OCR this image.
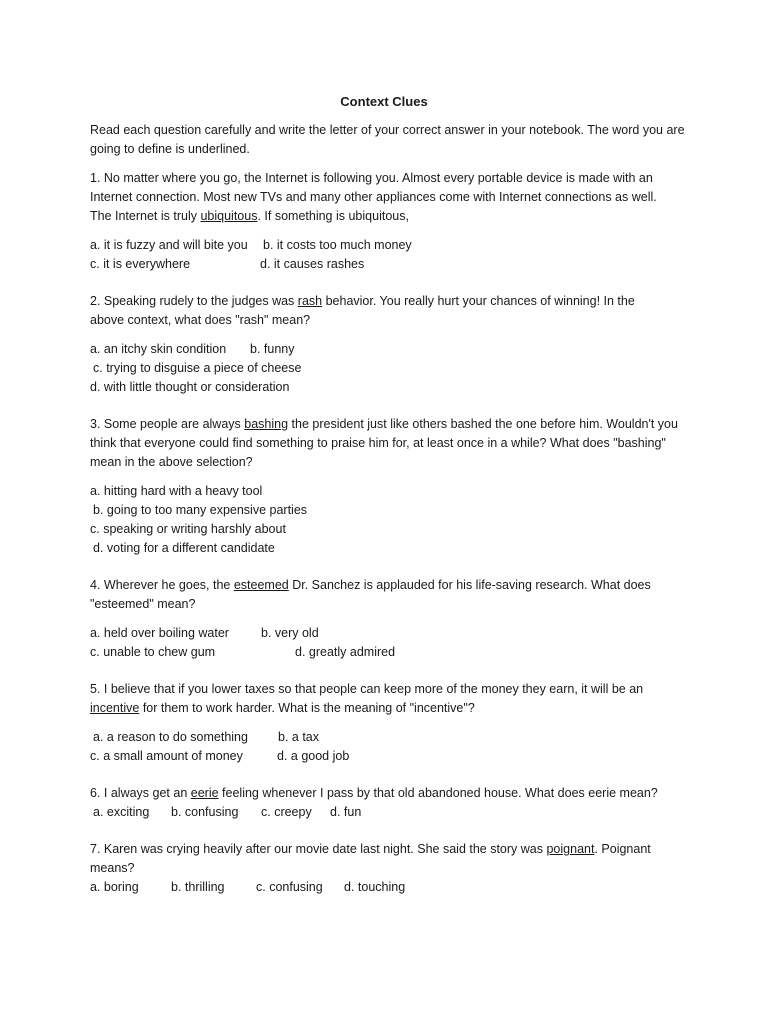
Context Clues
Read each question carefully and write the letter of your correct answer in your notebook. The word you are going to define is underlined.
1. No matter where you go, the Internet is following you. Almost every portable device is made with an Internet connection. Most new TVs and many other appliances come with Internet connections as well. The Internet is truly ubiquitous. If something is ubiquitous,
a. it is fuzzy and will bite you b. it costs too much money
c. it is everywhere	d. it causes rashes
2. Speaking rudely to the judges was rash behavior. You really hurt your chances of winning! In the above context, what does "rash" mean?
a. an itchy skin condition b. funny
c. trying to disguise a piece of cheese
d. with little thought or consideration
3. Some people are always bashing the president just like others bashed the one before him. Wouldn't you think that everyone could find something to praise him for, at least once in a while? What does "bashing" mean in the above selection?
a. hitting hard with a heavy tool
b. going to too many expensive parties
c. speaking or writing harshly about
d. voting for a different candidate
4. Wherever he goes, the esteemed Dr. Sanchez is applauded for his life-saving research. What does "esteemed" mean?
a. held over boiling water	b. very old
c. unable to chew gum	d. greatly admired
5. I believe that if you lower taxes so that people can keep more of the money they earn, it will be an incentive for them to work harder. What is the meaning of "incentive"?
a. a reason to do something b. a tax
c. a small amount of money	d. a good job
6. I always get an eerie feeling whenever I pass by that old abandoned house. What does eerie mean?
a. exciting b. confusing c. creepy d. fun
7. Karen was crying heavily after our movie date last night. She said the story was poignant. Poignant means?
a. boring	b. thrilling	c. confusing d. touching
